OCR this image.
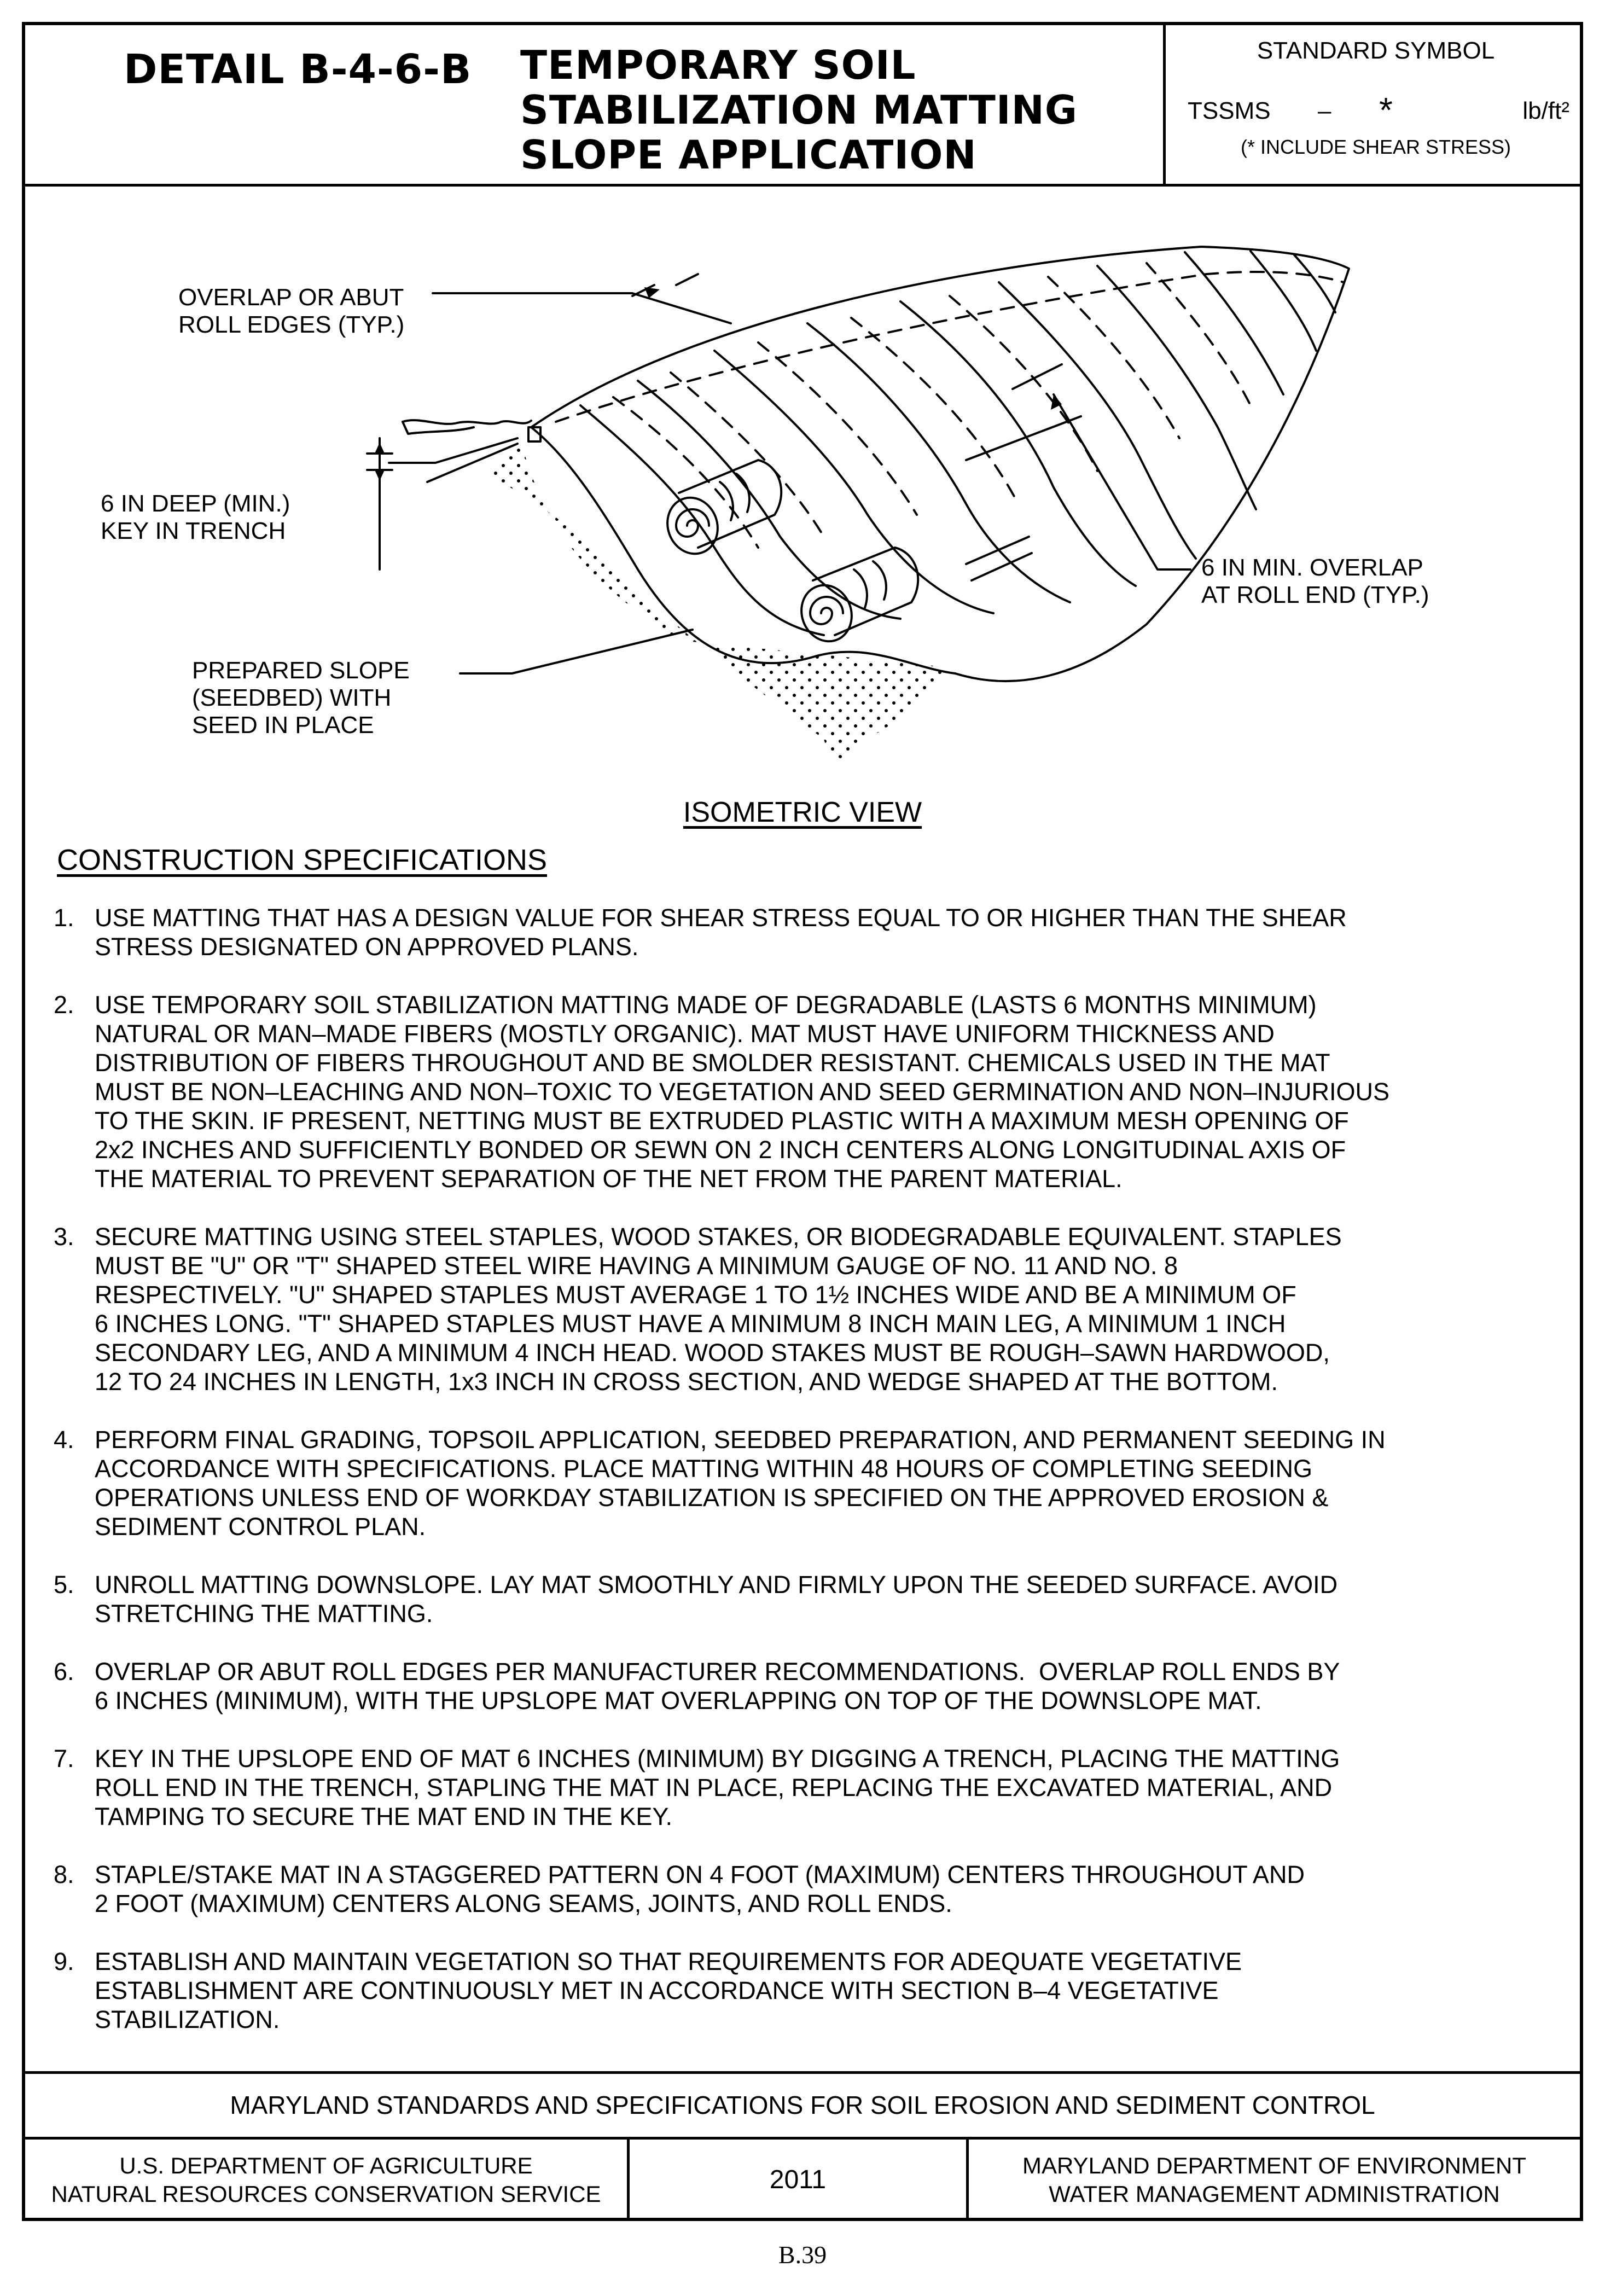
DETAIL B-4-6-B TEMPORARY SOIL
STABILIZATION MATTING
SLOPE APPLICATION
STANDARD SYMBOL
TSSMS – *	lb/ft²
(* INCLUDE SHEAR STRESS)
OVERLAP OR ABUT
ROLL EDGES (TYP.)
6 IN DEEP (MIN.)
KEY IN TRENCH
PREPARED SLOPE
(SEEDBED) WITH
SEED IN PLACE
6 IN MIN. OVERLAP
AT ROLL END (TYP.)
ISOMETRIC VIEW
CONSTRUCTION SPECIFICATIONS
1. USE MATTING THAT HAS A DESIGN VALUE FOR SHEAR STRESS EQUAL TO OR HIGHER THAN THE SHEAR
STRESS DESIGNATED ON APPROVED PLANS.
2. USE TEMPORARY SOIL STABILIZATION MATTING MADE OF DEGRADABLE (LASTS 6 MONTHS MINIMUM)
NATURAL OR MAN–MADE FIBERS (MOSTLY ORGANIC). MAT MUST HAVE UNIFORM THICKNESS AND
DISTRIBUTION OF FIBERS THROUGHOUT AND BE SMOLDER RESISTANT. CHEMICALS USED IN THE MAT
MUST BE NON–LEACHING AND NON–TOXIC TO VEGETATION AND SEED GERMINATION AND NON–INJURIOUS
TO THE SKIN. IF PRESENT, NETTING MUST BE EXTRUDED PLASTIC WITH A MAXIMUM MESH OPENING OF
2x2 INCHES AND SUFFICIENTLY BONDED OR SEWN ON 2 INCH CENTERS ALONG LONGITUDINAL AXIS OF
THE MATERIAL TO PREVENT SEPARATION OF THE NET FROM THE PARENT MATERIAL.
3. SECURE MATTING USING STEEL STAPLES, WOOD STAKES, OR BIODEGRADABLE EQUIVALENT. STAPLES
MUST BE "U" OR "T" SHAPED STEEL WIRE HAVING A MINIMUM GAUGE OF NO. 11 AND NO. 8
RESPECTIVELY. "U" SHAPED STAPLES MUST AVERAGE 1 TO 1½ INCHES WIDE AND BE A MINIMUM OF
6 INCHES LONG. "T" SHAPED STAPLES MUST HAVE A MINIMUM 8 INCH MAIN LEG, A MINIMUM 1 INCH
SECONDARY LEG, AND A MINIMUM 4 INCH HEAD. WOOD STAKES MUST BE ROUGH–SAWN HARDWOOD,
12 TO 24 INCHES IN LENGTH, 1x3 INCH IN CROSS SECTION, AND WEDGE SHAPED AT THE BOTTOM.
4. PERFORM FINAL GRADING, TOPSOIL APPLICATION, SEEDBED PREPARATION, AND PERMANENT SEEDING IN
ACCORDANCE WITH SPECIFICATIONS. PLACE MATTING WITHIN 48 HOURS OF COMPLETING SEEDING
OPERATIONS UNLESS END OF WORKDAY STABILIZATION IS SPECIFIED ON THE APPROVED EROSION &
SEDIMENT CONTROL PLAN.
5. UNROLL MATTING DOWNSLOPE. LAY MAT SMOOTHLY AND FIRMLY UPON THE SEEDED SURFACE. AVOID
STRETCHING THE MATTING.
6. OVERLAP OR ABUT ROLL EDGES PER MANUFACTURER RECOMMENDATIONS.  OVERLAP ROLL ENDS BY
6 INCHES (MINIMUM), WITH THE UPSLOPE MAT OVERLAPPING ON TOP OF THE DOWNSLOPE MAT.
7. KEY IN THE UPSLOPE END OF MAT 6 INCHES (MINIMUM) BY DIGGING A TRENCH, PLACING THE MATTING
ROLL END IN THE TRENCH, STAPLING THE MAT IN PLACE, REPLACING THE EXCAVATED MATERIAL, AND
TAMPING TO SECURE THE MAT END IN THE KEY.
8. STAPLE/STAKE MAT IN A STAGGERED PATTERN ON 4 FOOT (MAXIMUM) CENTERS THROUGHOUT AND
2 FOOT (MAXIMUM) CENTERS ALONG SEAMS, JOINTS, AND ROLL ENDS.
9. ESTABLISH AND MAINTAIN VEGETATION SO THAT REQUIREMENTS FOR ADEQUATE VEGETATIVE
ESTABLISHMENT ARE CONTINUOUSLY MET IN ACCORDANCE WITH SECTION B–4 VEGETATIVE
STABILIZATION.
MARYLAND STANDARDS AND SPECIFICATIONS FOR SOIL EROSION AND SEDIMENT CONTROL
U.S. DEPARTMENT OF AGRICULTURE
NATURAL RESOURCES CONSERVATION SERVICE	2011	MARYLAND DEPARTMENT OF ENVIRONMENT
WATER MANAGEMENT ADMINISTRATION
B.39
